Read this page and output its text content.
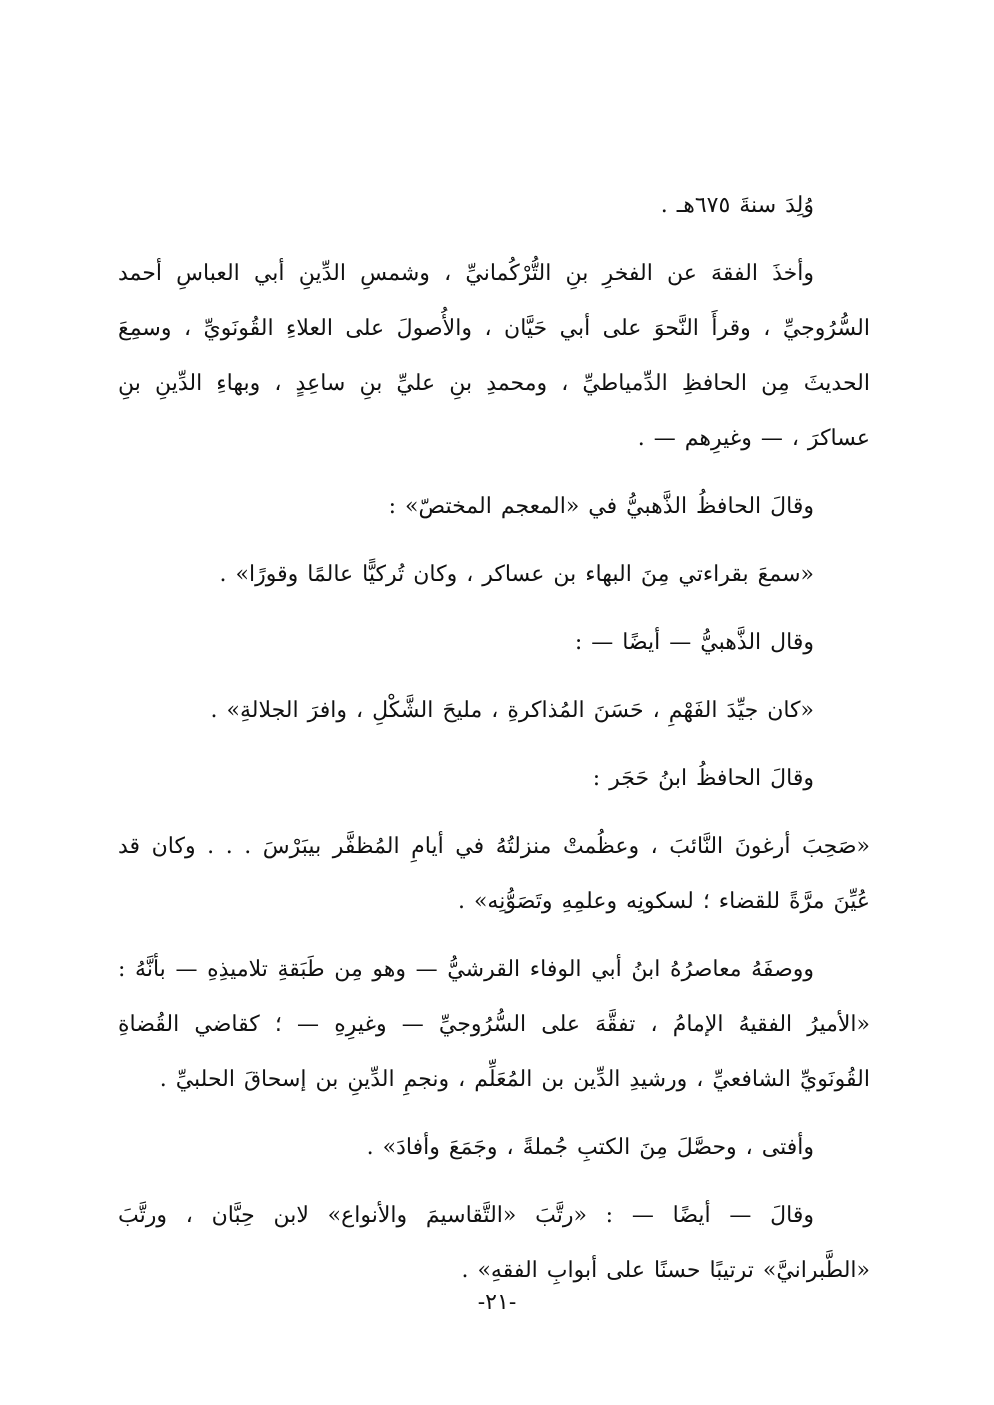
وُلِدَ سنةَ ٦٧٥هـ .

وأخذَ الفقهَ عن الفخرِ بنِ التُّرْكُمانيِّ ، وشمسِ الدِّينِ أبي العباسِ أحمد السُّرُوجيِّ ، وقرأَ النَّحوَ على أبي حَيَّان ، والأُصولَ على العلاءِ القُونَويِّ ، وسمِعَ الحديثَ مِن الحافظِ الدِّمياطيِّ ، ومحمدِ بنِ عليِّ بنِ ساعِدٍ ، وبهاءِ الدِّينِ بنِ عساكرَ ، — وغيرِهم — .

وقالَ الحافظُ الذَّهبيُّ في «المعجم المختصّ» :

«سمعَ بقراءتي مِنَ البهاء بن عساكر ، وكان تُركيًّا عالمًا وقورًا» .

وقال الذَّهبيُّ — أيضًا — :

«كان جيِّدَ الفَهْمِ ، حَسَنَ المُذاكرةِ ، مليحَ الشَّكْلِ ، وافرَ الجلالةِ» .

وقالَ الحافظُ ابنُ حَجَر :

«صَحِبَ أرغونَ النَّائبَ ، وعظُمتْ منزلتُهُ في أيامِ المُظفَّر بيبَرْسَ . . . وكان قد عُيِّنَ مرَّةً للقضاء ؛ لسكونِه وعلمِهِ وتَصَوُّنِه» .

ووصفَهُ معاصرُهُ ابنُ أبي الوفاء القرشيُّ — وهو مِن طَبَقةِ تلاميذِهِ — بأنَّهُ : «الأميرُ الفقيهُ الإمامُ ، تفقَّهَ على السُّرُوجيِّ — وغيرِهِ — ؛ كقاضي القُضاةِ القُونَويِّ الشافعيِّ ، ورشيدِ الدِّين بن المُعَلِّم ، ونجمِ الدِّينِ بن إسحاقَ الحلبيِّ .

وأفتى ، وحصَّلَ مِنَ الكتبِ جُملةً ، وجَمَعَ وأفادَ» .

وقالَ — أيضًا — : «رتَّبَ «التَّقاسيمَ والأنواع» لابن حِبَّان ، ورتَّبَ «الطَّبرانيَّ» ترتيبًا حسنًا على أبوابِ الفقهِ» .

-٢١-
